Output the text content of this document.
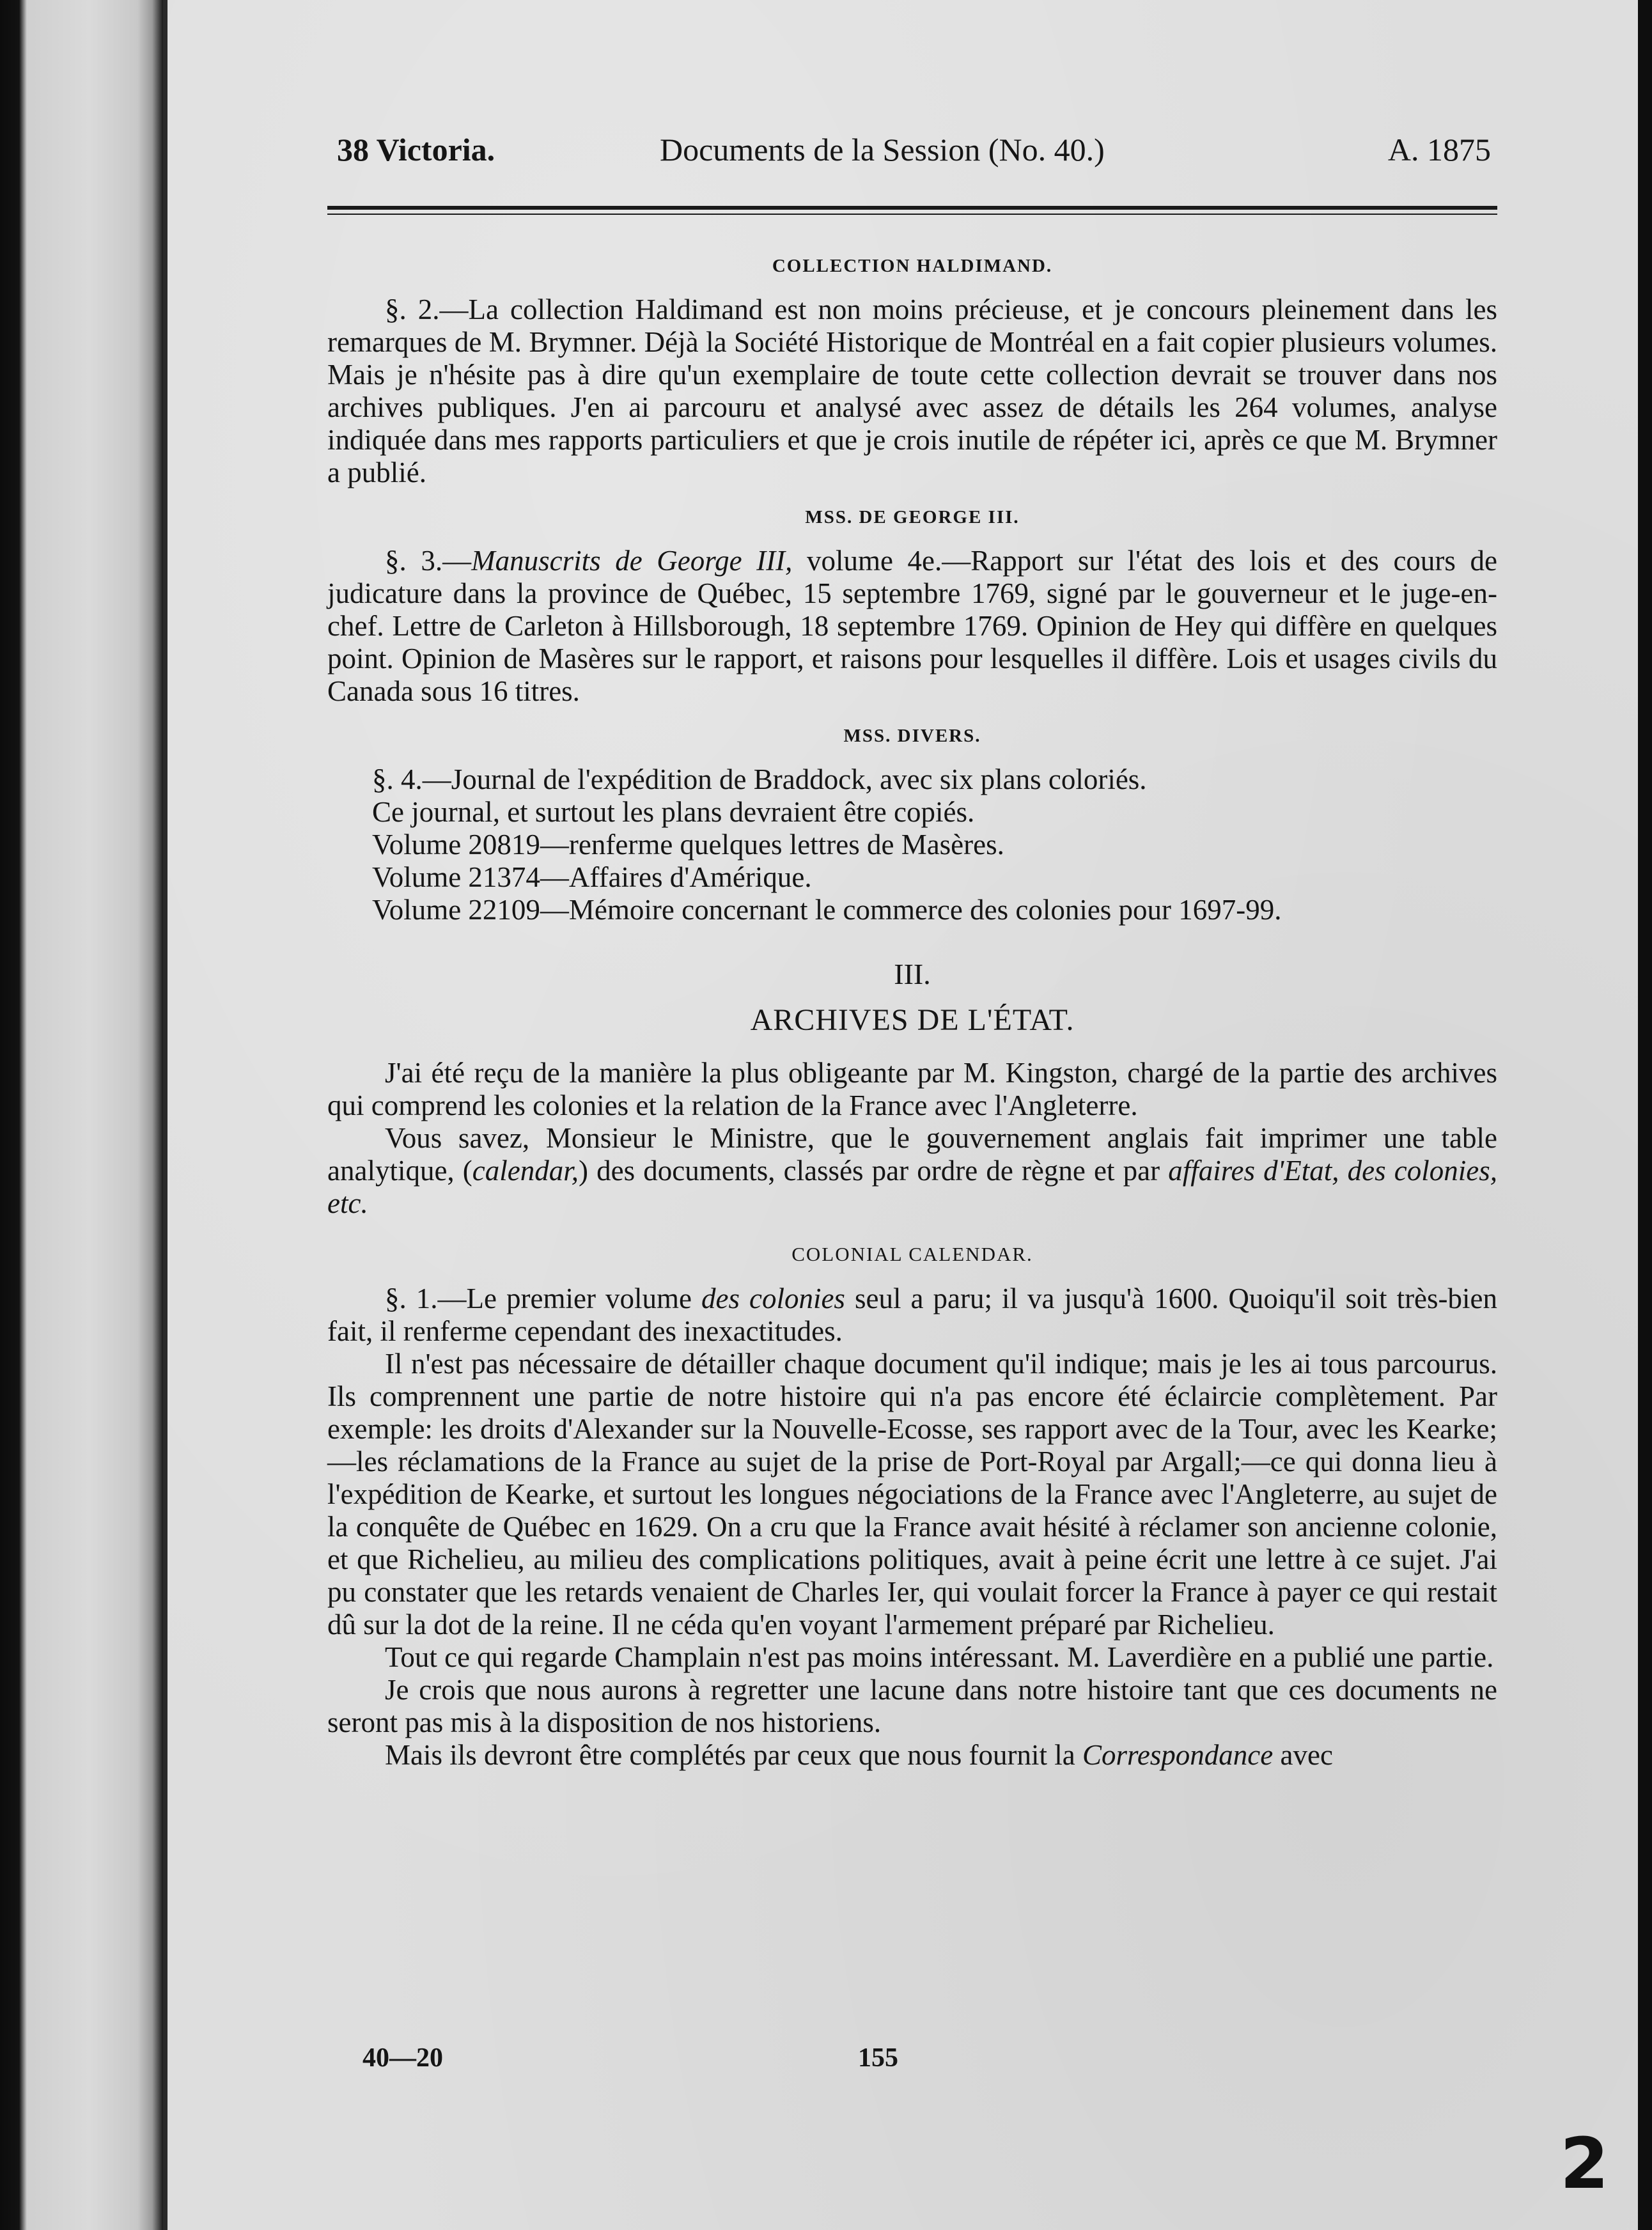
38 Victoria.	Documents de la Session (No. 40.)	A. 1875
COLLECTION HALDIMAND.

§. 2.—La collection Haldimand est non moins précieuse, et je concours pleinement dans les remarques de M. Brymner. Déjà la Société Historique de Montréal en a fait copier plusieurs volumes. Mais je n'hésite pas à dire qu'un exemplaire de toute cette collection devrait se trouver dans nos archives publiques. J'en ai parcouru et analysé avec assez de détails les 264 volumes, analyse indiquée dans mes rapports particuliers et que je crois inutile de répéter ici, après ce que M. Brymner a publié.

MSS. DE GEORGE III.

§. 3.—Manuscrits de George III, volume 4e.—Rapport sur l'état des lois et des cours de judicature dans la province de Québec, 15 septembre 1769, signé par le gouverneur et le juge-en-chef. Lettre de Carleton à Hillsborough, 18 septembre 1769. Opinion de Hey qui diffère en quelques point. Opinion de Masères sur le rapport, et raisons pour lesquelles il diffère. Lois et usages civils du Canada sous 16 titres.

MSS. DIVERS.
§. 4.—Journal de l'expédition de Braddock, avec six plans coloriés.
Ce journal, et surtout les plans devraient être copiés.
Volume 20819—renferme quelques lettres de Masères.
Volume 21374—Affaires d'Amérique.
Volume 22109—Mémoire concernant le commerce des colonies pour 1697-99.
III.
ARCHIVES DE L'ÉTAT.

J'ai été reçu de la manière la plus obligeante par M. Kingston, chargé de la partie des archives qui comprend les colonies et la relation de la France avec l'Angleterre.

Vous savez, Monsieur le Ministre, que le gouvernement anglais fait imprimer une table analytique, (calendar,) des documents, classés par ordre de règne et par affaires d'Etat, des colonies, etc.

COLONIAL CALENDAR.

§. 1.—Le premier volume des colonies seul a paru; il va jusqu'à 1600. Quoiqu'il soit très-bien fait, il renferme cependant des inexactitudes.

Il n'est pas nécessaire de détailler chaque document qu'il indique; mais je les ai tous parcourus. Ils comprennent une partie de notre histoire qui n'a pas encore été éclaircie complètement. Par exemple: les droits d'Alexander sur la Nouvelle-Ecosse, ses rapport avec de la Tour, avec les Kearke;—les réclamations de la France au sujet de la prise de Port-Royal par Argall;—ce qui donna lieu à l'expédition de Kearke, et surtout les longues négociations de la France avec l'Angleterre, au sujet de la conquête de Québec en 1629. On a cru que la France avait hésité à réclamer son ancienne colonie, et que Richelieu, au milieu des complications politiques, avait à peine écrit une lettre à ce sujet. J'ai pu constater que les retards venaient de Charles Ier, qui voulait forcer la France à payer ce qui restait dû sur la dot de la reine. Il ne céda qu'en voyant l'armement préparé par Richelieu.

Tout ce qui regarde Champlain n'est pas moins intéressant. M. Laverdière en a publié une partie.

Je crois que nous aurons à regretter une lacune dans notre histoire tant que ces documents ne seront pas mis à la disposition de nos historiens.

Mais ils devront être complétés par ceux que nous fournit la Correspondance avec

40—20	155
2
